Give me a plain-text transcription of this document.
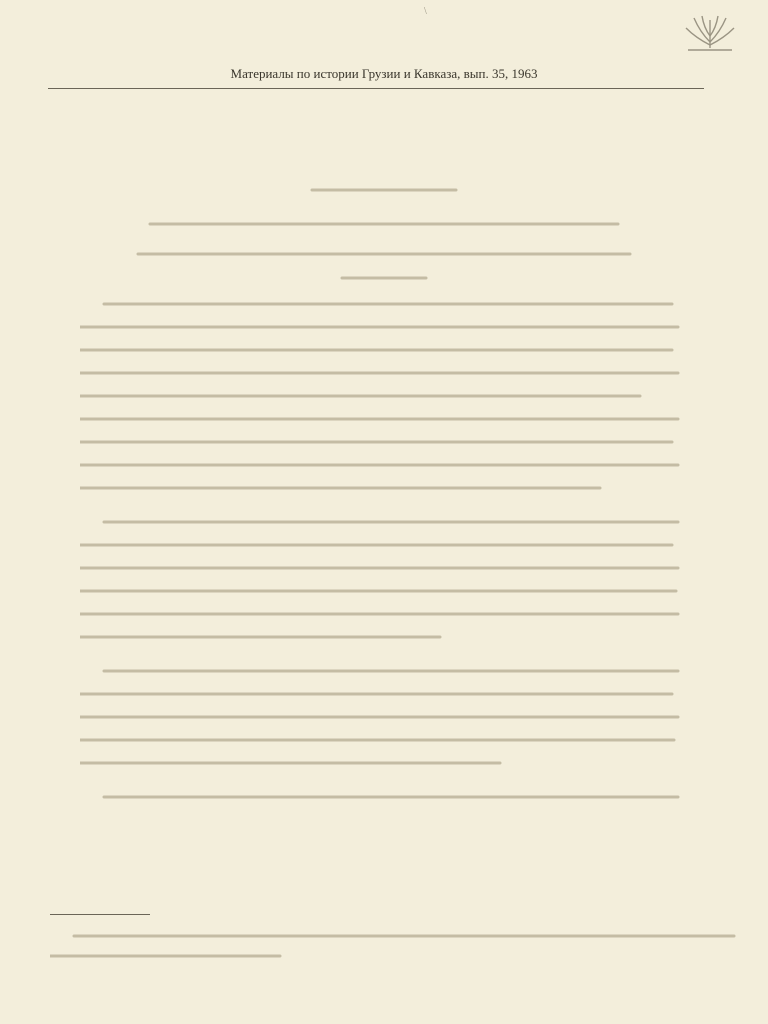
\
Материалы по истории Грузии и Кавказа, вып. 35, 1963
